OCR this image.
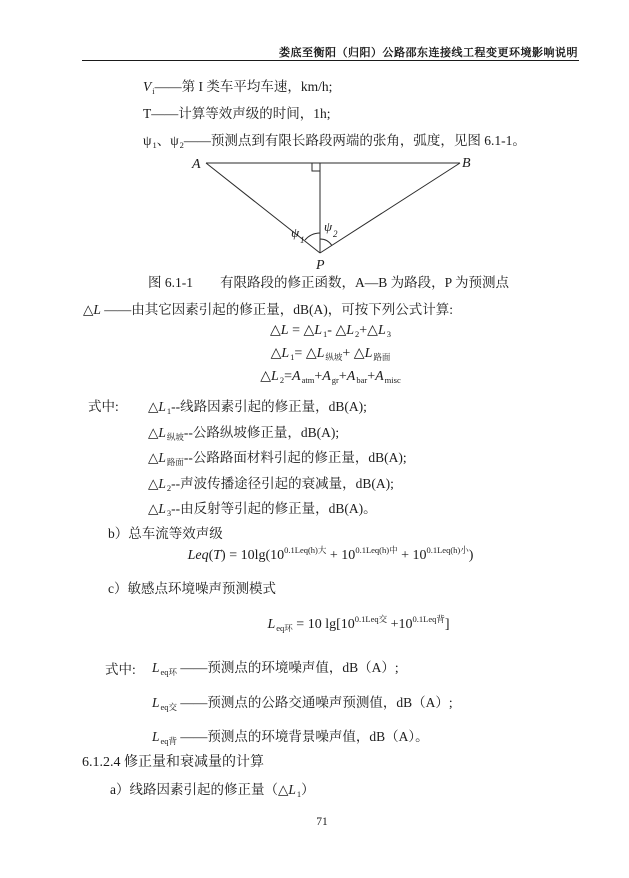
娄底至衡阳（归阳）公路邵东连接线工程变更环境影响说明
$V_i——$第 I 类车平均车速，km/h;
T——计算等效声级的时间，1h;
$\psi_1$、$\psi_2——$预测点到有限长路段两端的张角，弧度，见图 6.1-1。
A	B
P
ψ 1
ψ 2
图 6.1-1　　有限路段的修正函数，A—B 为路段，P 为预测点
△L ——由其它因素引起的修正量，dB(A)，可按下列公式计算:
△L = $\triangle L_1-$ $\triangle L_2+\triangle L_3$
$\triangle L_1=$ $\triangle L_{纵坡}+$ $\triangle L_{路面}$
$\triangle L_2=A_{atm}+A_{gr}+A_{bar}+A_{misc}$
式中: $\triangle L_1--$线路因素引起的修正量，dB(A);
$\triangle L_{纵坡}--$公路纵坡修正量，dB(A);
$\triangle L_{路面}--$公路路面材料引起的修正量，dB(A);
$\triangle L_2--$声波传播途径引起的衰减量，dB(A);
$\triangle L_3--$由反射等引起的修正量，dB(A)。
b）总车流等效声级
$Leq(T) = 10\lg(10^{0.1Leq(h)大} + 10^{0.1Leq(h)中} + 10^{0.1Leq(h)小})$
c）敏感点环境噪声预测模式
$L_{eq环} = 10$ $\lg[10^{0.1Leq交} +10^{0.1Leq背}]$
式中: $L_{eq环}$ ——预测点的环境噪声值，dB（A）;
$L_{eq交}$ ——预测点的公路交通噪声预测值，dB（A）;
$L_{eq背}$ ——预测点的环境背景噪声值，dB（A）。
6.1.2.4 修正量和衰减量的计算
a）线路因素引起的修正量$(\triangle L_1)$
71
